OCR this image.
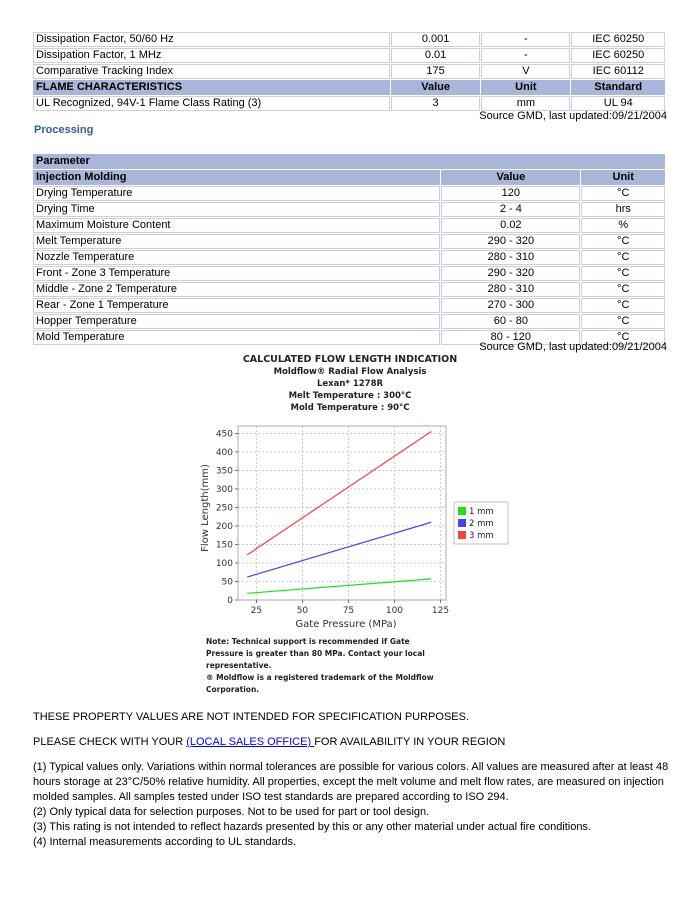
Dissipation Factor, 50/60 Hz	0.001	-	IEC 60250
Dissipation Factor, 1 MHz	0.01	-	IEC 60250
Comparative Tracking Index	175	V	IEC 60112
FLAME CHARACTERISTICS	Value	Unit	Standard
UL Recognized, 94V-1 Flame Class Rating (3)	3	mm	UL 94
Source GMD, last updated:09/21/2004
Processing
Parameter		
Injection Molding	Value	Unit
Drying Temperature	120	°C
Drying Time	2 - 4	hrs
Maximum Moisture Content	0.02	%
Melt Temperature	290 - 320	°C
Nozzle Temperature	280 - 310	°C
Front - Zone 3 Temperature	290 - 320	°C
Middle - Zone 2 Temperature	280 - 310	°C
Rear - Zone 1 Temperature	270 - 300	°C
Hopper Temperature	60 - 80	°C
Mold Temperature	80 - 120	°C
Source GMD, last updated:09/21/2004
CALCULATED FLOW LENGTH INDICATION
Moldflow® Radial Flow Analysis
Lexan* 1278R
Melt Temperature : 300°C
Mold Temperature : 90°C
25	50	75	100	125
0
50
100
150
200
250
300
350
400
450
1 mm
2 mm
3 mm
Gate Pressure (MPa)
Flow Length(mm)
Note: Technical support is recommended if Gate
Pressure is greater than 80 MPa. Contact your local
representative.
® Moldflow is a registered trademark of the Moldflow
Corporation.

THESE PROPERTY VALUES ARE NOT INTENDED FOR SPECIFICATION PURPOSES.

PLEASE CHECK WITH YOUR (LOCAL SALES OFFICE) FOR AVAILABILITY IN YOUR REGION

(1) Typical values only. Variations within normal tolerances are possible for various colors. All values are measured after at least 48 hours storage at 23°C/50% relative humidity. All properties, except the melt volume and melt flow rates, are measured on injection molded samples. All samples tested under ISO test standards are prepared according to ISO 294.

(2) Only typical data for selection purposes. Not to be used for part or tool design.

(3) This rating is not intended to reflect hazards presented by this or any other material under actual fire conditions.

(4) Internal measurements according to UL standards.
